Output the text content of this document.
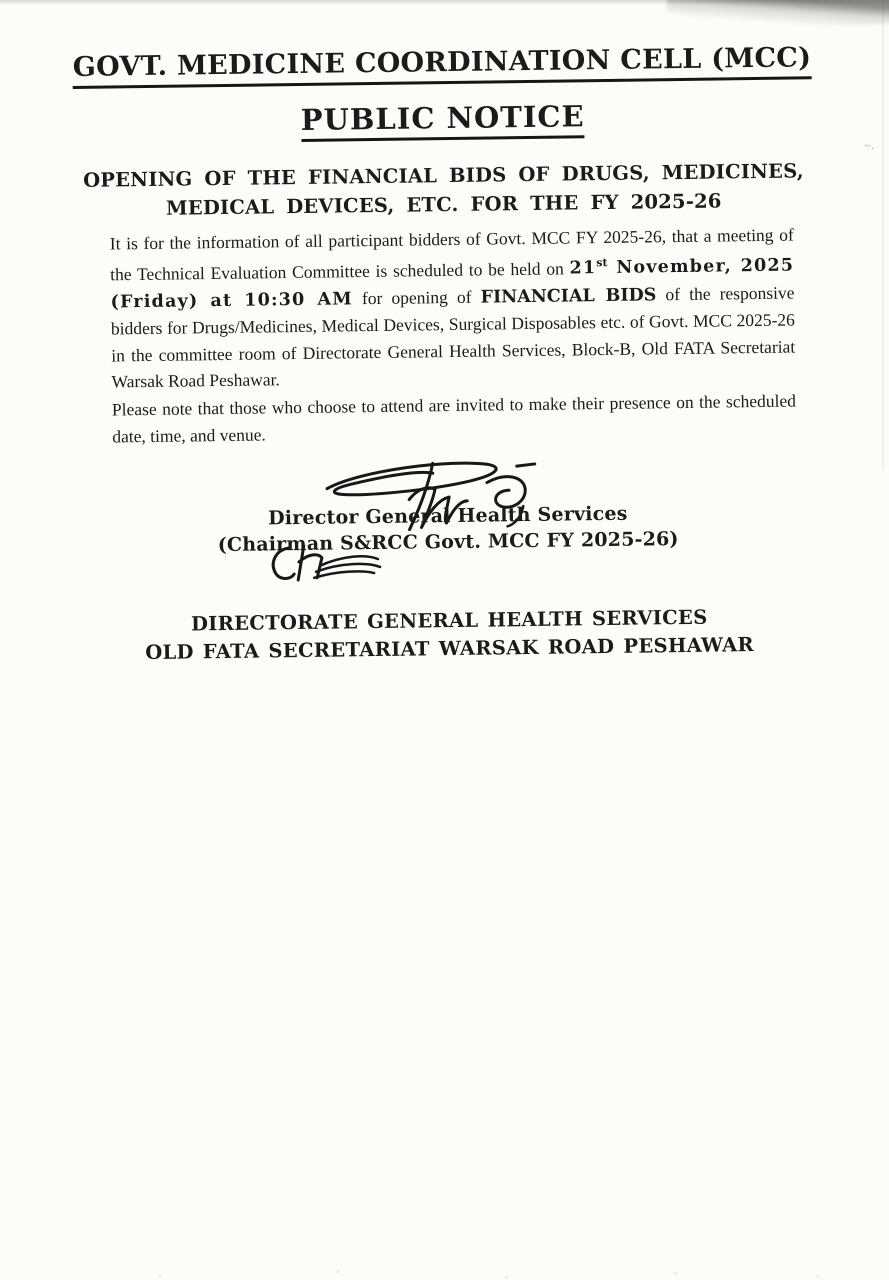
~.
GOVT. MEDICINE COORDINATION CELL (MCC)
PUBLIC NOTICE
OPENING OF THE FINANCIAL BIDS OF DRUGS, MEDICINES,
MEDICAL DEVICES, ETC. FOR THE FY 2025-26
It is for the information of all participant bidders of Govt. MCC FY 2025-26, that a meeting of the Technical Evaluation Committee is scheduled to be held on 21st November, 2025 (Friday) at 10:30 AM for opening of FINANCIAL BIDS of the responsive bidders for Drugs/Medicines, Medical Devices, Surgical Disposables etc. of Govt. MCC 2025-26 in the committee room of Directorate General Health Services, Block-B, Old FATA Secretariat Warsak Road Peshawar.
Please note that those who choose to attend are invited to make their presence on the scheduled date, time, and venue.
Director General Health Services
(Chairman S&RCC Govt. MCC FY 2025-26)
DIRECTORATE GENERAL HEALTH SERVICES
OLD FATA SECRETARIAT WARSAK ROAD PESHAWAR
